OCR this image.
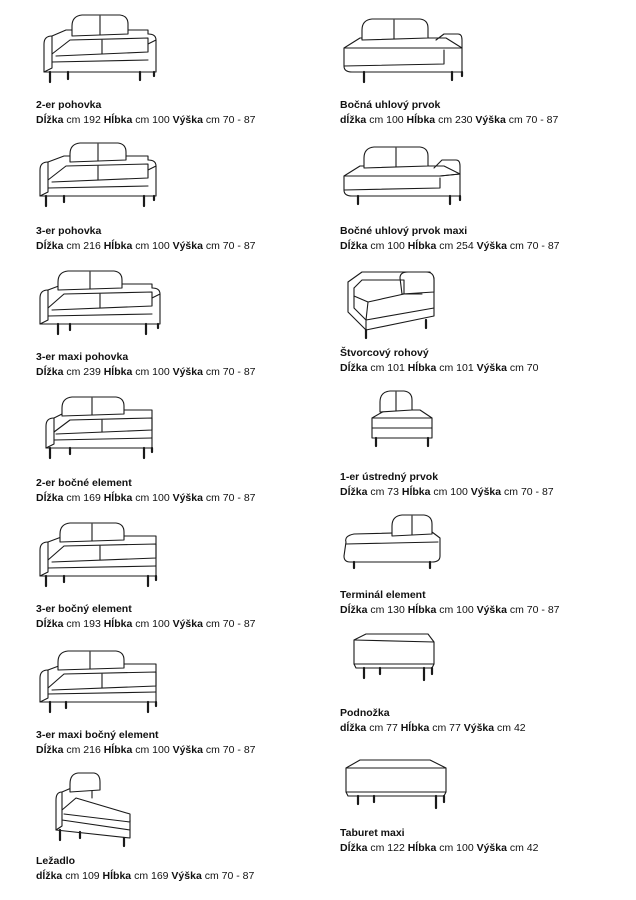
2-er pohovka
Dĺžka cm 192 Hĺbka cm 100 Výška cm 70 - 87
3-er pohovka
Dĺžka cm 216 Hĺbka cm 100 Výška cm 70 - 87
3-er maxi pohovka
Dĺžka cm 239 Hĺbka cm 100 Výška cm 70 - 87
2-er bočné element
Dĺžka cm 169 Hĺbka cm 100 Výška cm 70 - 87
3-er bočný element
Dĺžka cm 193 Hĺbka cm 100 Výška cm 70 - 87
3-er maxi bočný element
Dĺžka cm 216 Hĺbka cm 100 Výška cm 70 - 87
Ležadlo
dĺžka cm 109 Hĺbka cm 169 Výška cm 70 - 87
Bočná uhlový prvok
dĺžka cm 100 Hĺbka cm 230 Výška cm 70 - 87
Bočné uhlový prvok maxi
Dĺžka cm 100 Hĺbka cm 254 Výška cm 70 - 87
Štvorcový rohový
Dĺžka cm 101 Hĺbka cm 101 Výška cm 70
1-er ústredný prvok
Dĺžka cm 73 Hĺbka cm 100 Výška cm 70 - 87
Terminál element
Dĺžka cm 130 Hĺbka cm 100 Výška cm 70 - 87
Podnožka
dĺžka cm 77 Hĺbka cm 77 Výška cm 42
Taburet maxi
Dĺžka cm 122 Hĺbka cm 100 Výška cm 42
